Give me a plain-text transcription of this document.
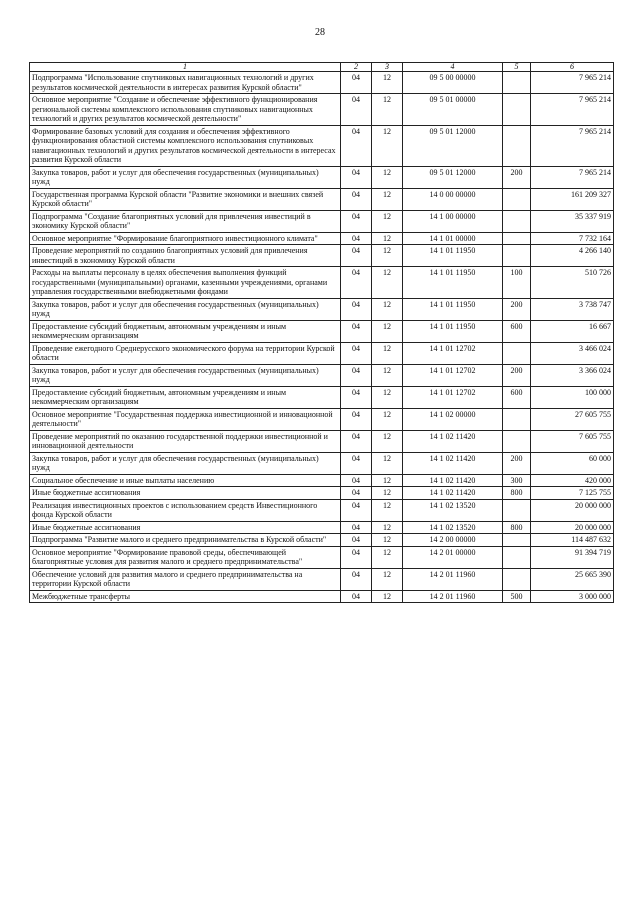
28
1	2	3	4	5	6
Подпрограмма "Использование спутниковых навигационных технологий и других результатов космической деятельности в интересах развития Курской области"	04	12	09 5 00 00000		7 965 214
Основное мероприятие "Создание и обеспечение эффективного функционирования региональной системы комплексного использования спутниковых навигационных технологий и других результатов космической деятельности"	04	12	09 5 01 00000		7 965 214
Формирование базовых условий для создания и обеспечения эффективного функционирования областной системы комплексного использования спутниковых навигационных технологий и других результатов космической деятельности в интересах развития Курской области	04	12	09 5 01 12000		7 965 214
Закупка товаров, работ и услуг для обеспечения государственных (муниципальных) нужд	04	12	09 5 01 12000	200	7 965 214
Государственная программа Курской области "Развитие экономики и внешних связей Курской области"	04	12	14 0 00 00000		161 209 327
Подпрограмма "Создание благоприятных условий для привлечения инвестиций в экономику Курской области"	04	12	14 1 00 00000		35 337 919
Основное мероприятие "Формирование благоприятного инвестиционного климата"	04	12	14 1 01 00000		7 732 164
Проведение мероприятий по созданию благоприятных условий для привлечения инвестиций в экономику Курской области	04	12	14 1 01 11950		4 266 140
Расходы на выплаты персоналу в целях обеспечения выполнения функций государственными (муниципальными) органами, казенными учреждениями, органами управления государственными внебюджетными фондами	04	12	14 1 01 11950	100	510 726
Закупка товаров, работ и услуг для обеспечения государственных (муниципальных) нужд	04	12	14 1 01 11950	200	3 738 747
Предоставление субсидий бюджетным, автономным учреждениям и иным некоммерческим организациям	04	12	14 1 01 11950	600	16 667
Проведение ежегодного Среднерусского экономического форума на территории Курской области	04	12	14 1 01 12702		3 466 024
Закупка товаров, работ и услуг для обеспечения государственных (муниципальных) нужд	04	12	14 1 01 12702	200	3 366 024
Предоставление субсидий бюджетным, автономным учреждениям и иным некоммерческим организациям	04	12	14 1 01 12702	600	100 000
Основное мероприятие "Государственная поддержка инвестиционной и инновационной деятельности"	04	12	14 1 02 00000		27 605 755
Проведение мероприятий по оказанию государственной поддержки инвестиционной и инновационной деятельности	04	12	14 1 02 11420		7 605 755
Закупка товаров, работ и услуг для обеспечения государственных (муниципальных) нужд	04	12	14 1 02 11420	200	60 000
Социальное обеспечение и иные выплаты населению	04	12	14 1 02 11420	300	420 000
Иные бюджетные ассигнования	04	12	14 1 02 11420	800	7 125 755
Реализация инвестиционных проектов с использованием средств Инвестиционного фонда Курской области	04	12	14 1 02 13520		20 000 000
Иные бюджетные ассигнования	04	12	14 1 02 13520	800	20 000 000
Подпрограмма "Развитие малого и среднего предпринимательства в Курской области"	04	12	14 2 00 00000		114 487 632
Основное мероприятие "Формирование правовой среды, обеспечивающей благоприятные условия для развития малого и среднего предпринимательства"	04	12	14 2 01 00000		91 394 719
Обеспечение условий для развития малого и среднего предпринимательства на территории Курской области	04	12	14 2 01 11960		25 665 390
Межбюджетные трансферты	04	12	14 2 01 11960	500	3 000 000
